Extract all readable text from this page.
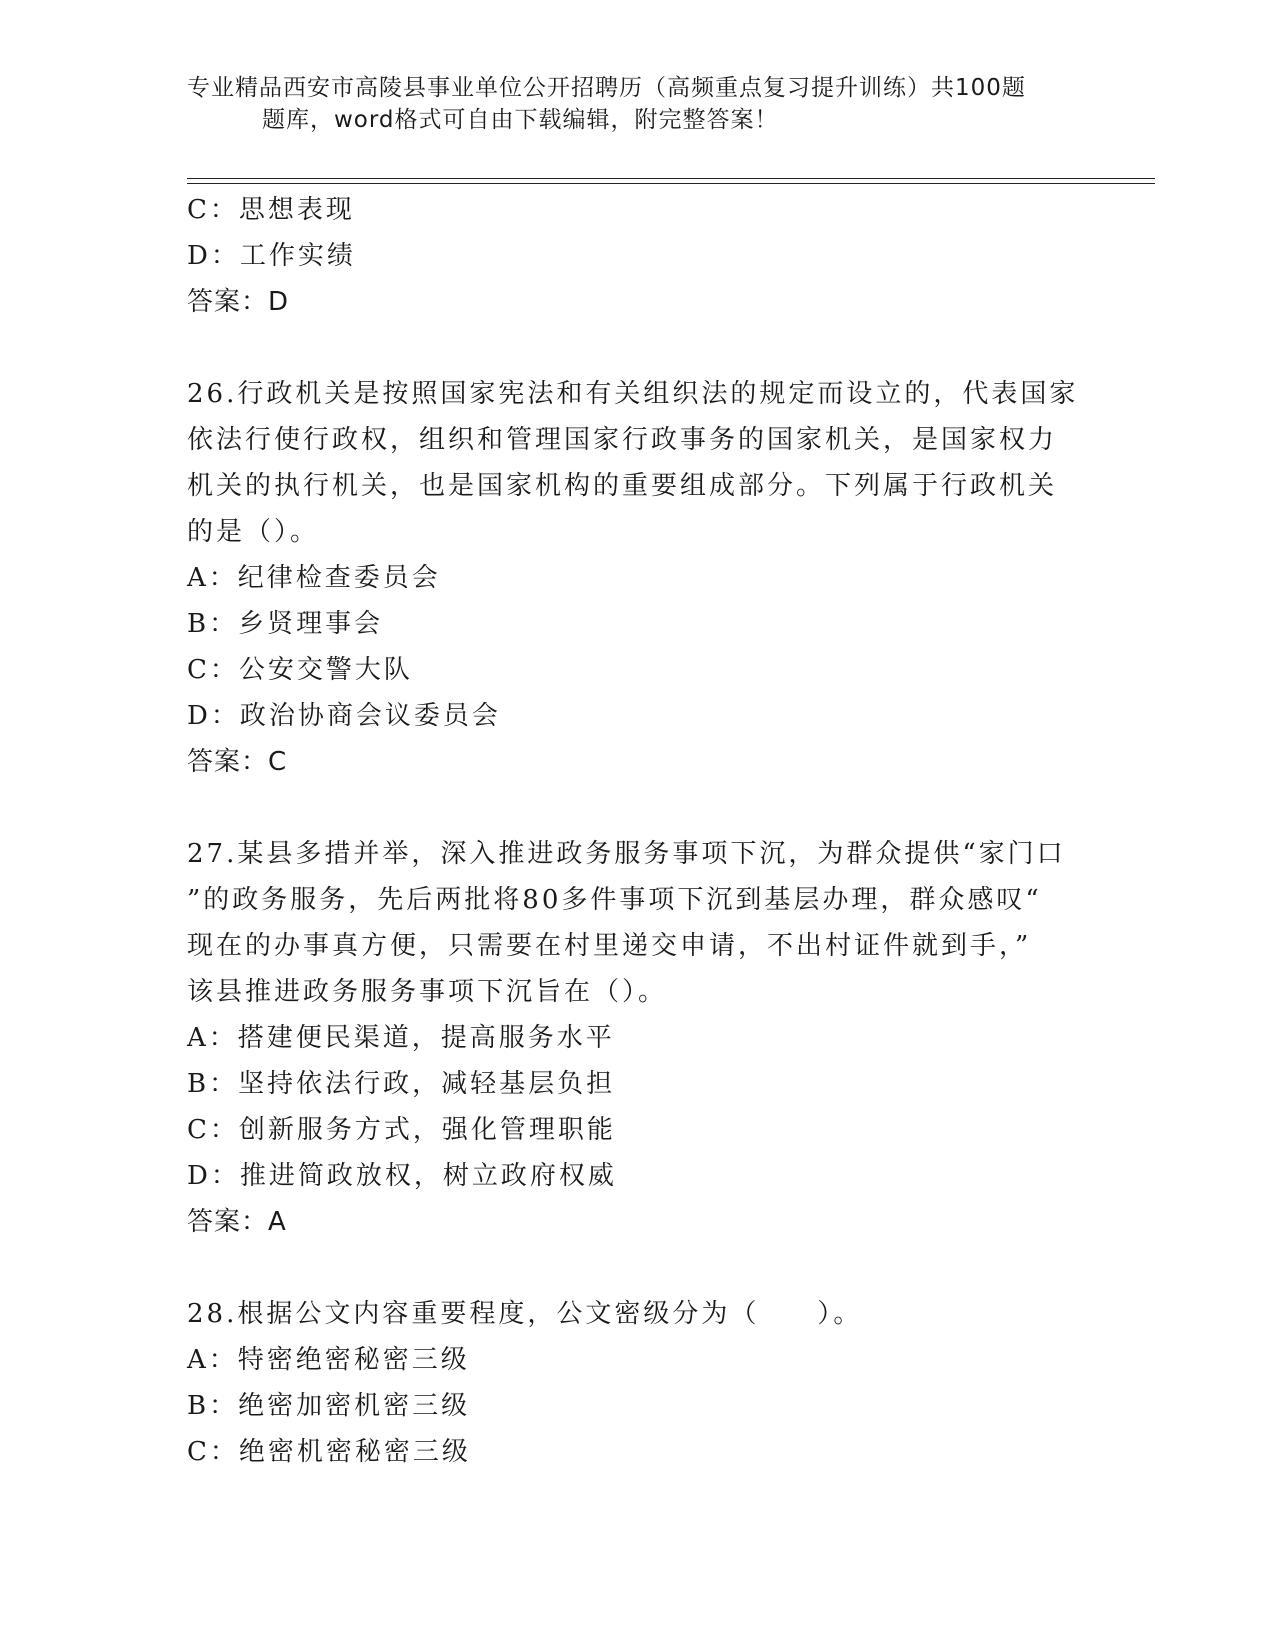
专业精品西安市高陵县事业单位公开招聘历（高频重点复习提升训练）共100题
题库，word格式可自由下载编辑，附完整答案！
C：思想表现
D：工作实绩
答案：D
26.行政机关是按照国家宪法和有关组织法的规定而设立的，代表国家
依法行使行政权，组织和管理国家行政事务的国家机关，是国家权力
机关的执行机关，也是国家机构的重要组成部分。下列属于行政机关
的是（）。
A：纪律检查委员会
B：乡贤理事会
C：公安交警大队
D：政治协商会议委员会
答案：C
27.某县多措并举，深入推进政务服务事项下沉，为群众提供“家门口
”的政务服务，先后两批将80多件事项下沉到基层办理，群众感叹“
现在的办事真方便，只需要在村里递交申请，不出村证件就到手，”
该县推进政务服务事项下沉旨在（）。
A：搭建便民渠道，提高服务水平
B：坚持依法行政，减轻基层负担
C：创新服务方式，强化管理职能
D：推进简政放权，树立政府权威
答案：A
28.根据公文内容重要程度，公文密级分为（　　）。
A：特密绝密秘密三级
B：绝密加密机密三级
C：绝密机密秘密三级
